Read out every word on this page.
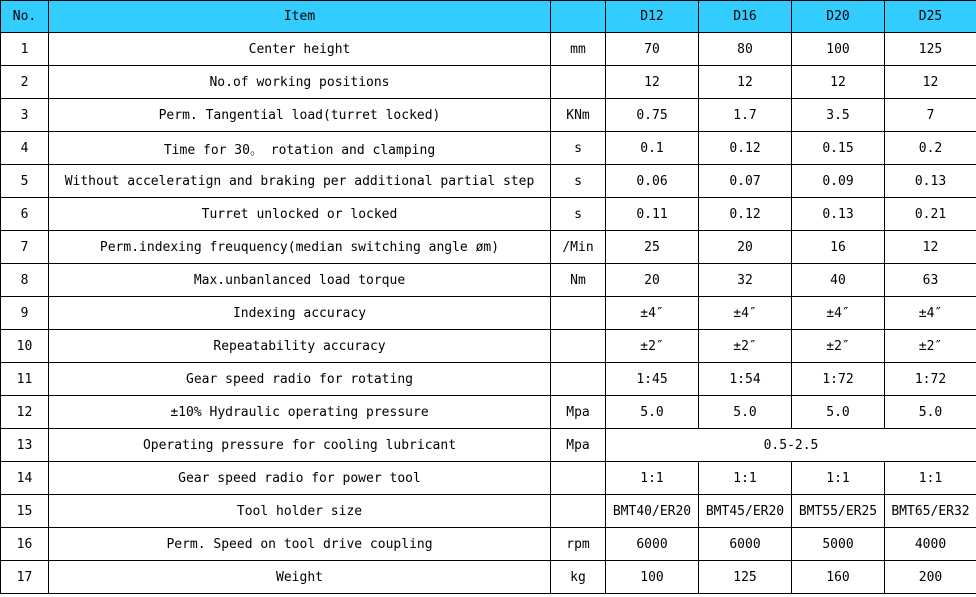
No.	Item		D12	D16	D20	D25
1	Center height	mm	70	80	100	125
2	No.of working positions		12	12	12	12
3	Perm. Tangential load(turret locked)	KNm	0.75	1.7	3.5	7
4	Time for 30。 rotation and clamping	s	0.1	0.12	0.15	0.2
5	Without acceleratign and braking per additional partial step	s	0.06	0.07	0.09	0.13
6	Turret unlocked or locked	s	0.11	0.12	0.13	0.21
7	Perm.indexing freuquency(median switching angle øm)	/Min	25	20	16	12
8	Max.unbanlanced load torque	Nm	20	32	40	63
9	Indexing accuracy		±4″	±4″	±4″	±4″
10	Repeatability accuracy		±2″	±2″	±2″	±2″
11	Gear speed radio for rotating		1:45	1:54	1:72	1:72
12	±10% Hydraulic operating pressure	Mpa	5.0	5.0	5.0	5.0
13	Operating pressure for cooling lubricant	Mpa	0.5-2.5			
14	Gear speed radio for power tool		1:1	1:1	1:1	1:1
15	Tool holder size		BMT40/ER20	BMT45/ER20	BMT55/ER25	BMT65/ER32
16	Perm. Speed on tool drive coupling	rpm	6000	6000	5000	4000
17	Weight	kg	100	125	160	200
